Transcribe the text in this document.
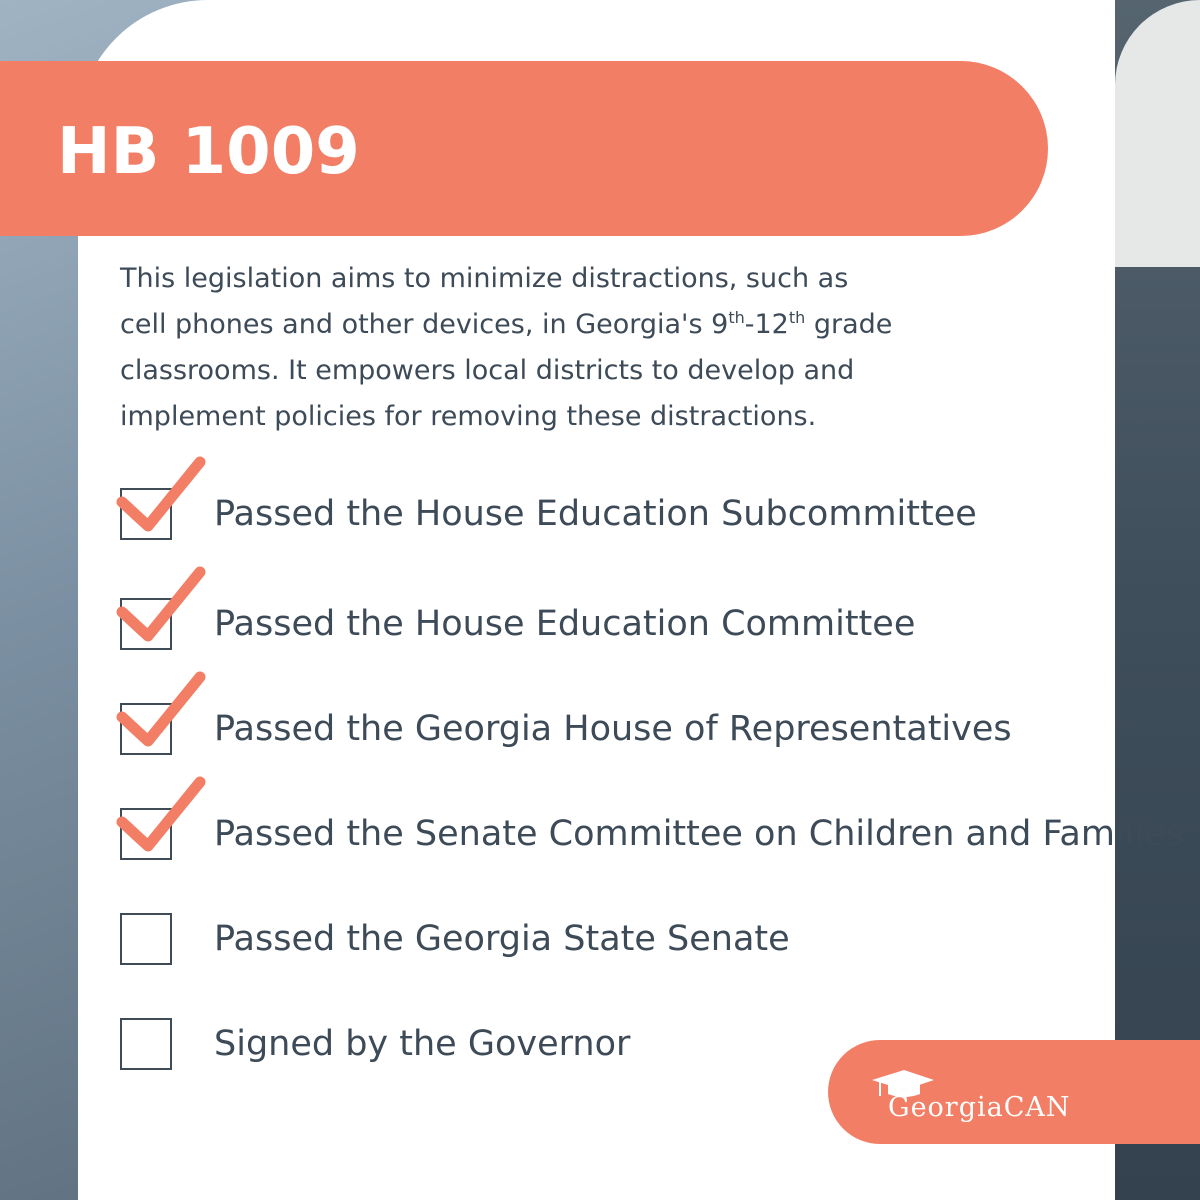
HB 1009

This legislation aims to minimize distractions, such as
cell phones and other devices, in Georgia's 9th-12th grade
classrooms. It empowers local districts to develop and
implement policies for removing these distractions.

Passed the House Education Subcommittee
Passed the House Education Committee
Passed the Georgia House of Representatives
Passed the Senate Committee on Children and Families
Passed the Georgia State Senate
Signed by the Governor
GeorgiaCAN
